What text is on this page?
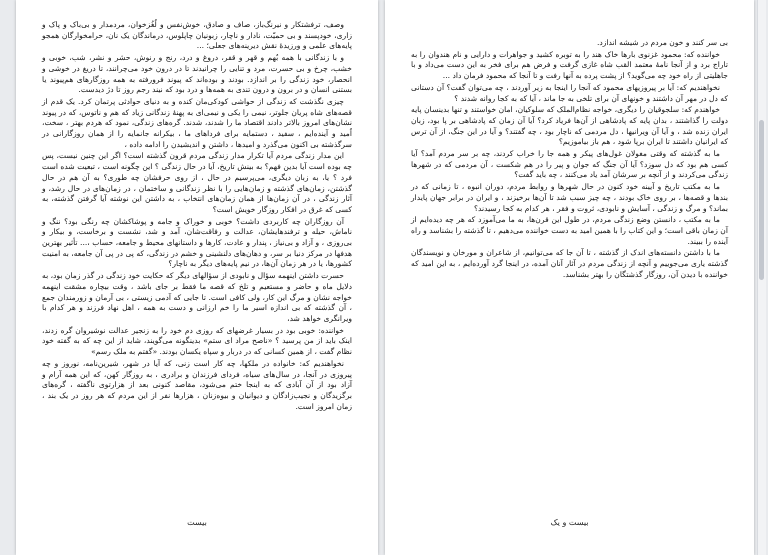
وصف، ترفشتکار و نیرنگ‌باز، صاف و صادق، خوش‌نفس و لُغُزخوان، مردمدار و بی‌باک و پاک و زاری، خودپسند و بی حمیّت، نادار و ناچار، زبونیان چاپلوس، درماندگان یک نان، حرامخوارگان همجو پایه‌های علمی و ورزیدهٔ نقش دیرینه‌های جعلی؛ ...

و با زندگانی با همه بُهم و قهر و قفر، دروغ و درد، رنج و رنوش، حشر و نشر، شب، خوبی و خشب، چرخ و بی حسرت، مرد و تنایی را چرانیدند تا در درون خود می‌چرانند، تا دریغ در خوشی و انحصار، خود زندگی را بر اندازد. بودند و بوده‌اند که پیوند فرورفته به همه روزگارهای هم‌پیوند یا بستنی انسان و در برون و درون تندی به همه‌ها و درد بود که نیند رجم روز تا دژ دیدست.

چیزی نگذشت که زندگی از حواشی کودکی‌مان کنده و به دنیای حوادثی پرتمان کرد. یک قدم از قصه‌های شاه پریان جلوتر، نیمی را یکی و نیمی‌ای به پهنهٔ زندگانی زیاد که هم و ناتوس، که در پیوند نشان‌های امروز بالاتر دادند اقتصاد ما را شدند، شدند. گره‌های زندگی، نمود که هردم بهتر ، سخت، اُمید و آینده‌ایم ، سفید ، دستمایه برای فرداهای ما ، بیکرانه جانمایه را از همان روزگارانی در سرگذشته بی اکنون می‌گذرد و امیدها ، داشتن و اندیشیدن را ادامه داده ،

این مدار زندگی مردم آیا تکرار مدار زندگی مردم قرون گذشته است؟ اگر این چنین نیست، پس چه بوده است آیا بدین فهم؟ به بینش تاریخ، آیا در حال زندگی ؟ این چگونه است ، تبعیت شده است فرد ؟ یا، به زبان دیگری، می‌پرسیم در حال ، از روی حرفشان چه طوری؟ به آن هم در حال گذشتن، زمان‌های گذشته و زمان‌هایی را با نظر زندگانی و ساختمان ، در زمان‌های در حال رشد، و آثار زندگی ، در آن زمان‌ها از همان زمان‌های انتخاب ، به داشتن این نوشته آیا گرفتن گذشته، به کسی که غرق در افکار روزگار خویش است؟

آن روزگاران چه کاربردی داشت؟ خوبی و خوراک و جامه و پوشاکشان چه رنگی بود؟ ننگ و ناماش، حیله و ترفندهایشان، عدالت و رفاقت‌شان، آمد و شد، نشست و برخاست، و بیکار و بی‌روزی ، و آزاد و بی‌نیاز ، پندار و عادت، کارها و داستانهای محیط و جامعه، حساب ،... تأثیر بهترین هدفها در مرکز دنیا بر سر، و دهان‌های دلنشینی و خشم در زندگی، که پی در پی آن جامعه، به امنیت کشورها، یا در هر زمان آن‌ها، در نیم پایه‌های دیگر به ناچار؟

حسرت داشتن اینهمه سؤال و نابودی از سؤالهای دیگر که حکایت خود زندگی در گذر زمان بود، به دلایل ماه و حاضر و مستعیم و تلخ که قصه ما فقط بر جای باشد ، وقت بیچاره مشقت اینهمه خواجه نشان و مرگ این کار، ولی کافی است. تا جایی که آدمی زیستی ، بی آرمان و زورمندان جمع ، آن گذشته که بی اندازه اسیر ما را خم ارزانی و دست به همه ، اهل نهاد فرزند و هر کدام با ویرانگری خواهد شد،

خواننده: خوبی بود در بسیار غرضهای که روزی دم خود را به زنجیر عدالت نوشیروان گره زدند، اینک باید از من پرسید ؟ «ناصح مراد ای ستم» بدینگونه می‌گویند، شاید از این چه که به گفته خود نظام گفت ، از همین کسانی که در دربار و سپاه یکسان بودند. «گفتم به ملک رسم»

نخواهندیم که: خانواده در ملکها، چه کار است زنی، که آیا در شهر، شیرین‌نامه، نوروز و چه پیروزی در آنجا، در سال‌های سیاه، فردای فرزندان و برادری ، به روزگار کهن، که این همه آرام و آزاد بود از آن آبادی که به اینجا ختم می‌شود، مقاصد کنونی بعد از هزارتوی ناگفته ، گره‌های برگزیدگان و نجیب‌زادگان و دیوانیان و بیوه‌زنان ، هزارها نفر از این مردم که هر روز در یک بند ، زمان امروز است.

بیست

بی سر کنند و خون مردم در شیشه اندازد.

خواننده که: محمود غزنوی بارها خاک هند را به توبره کشید و جواهرات و دارایی و نام هندوان را به تاراج برد و از آنجا نامهٔ معتمد القب شاه غازی گرفت و فرض هم برای فخر به این دست می‌داد و با جاهلیتی از راه خود چه می‌گوید؟ از پشت پرده به آنها رفت و تا آنجا که محمود فرمان داد ...

نخواهندیم که: آیا بر پیروزیهای محمود که آنجا را اینجا به زیر آوردند ، چه می‌توان گفت؟ آن دستانی که دل در مهر آن داشتند و خونهای آن برای تلخی به جا ماند ، آیا که به کجا روانه شدند ؟

خواهندم که: سلجوقیان را دیگری، خواجه نظام‌الملک که سلوکیان، امان خواستند و تنها بدینسان پایه دولت را گذاشتند ، بدان پایه که پادشاهی از آن‌ها فریاد کرد؟ آیا آن زمان که پادشاهی بر پا بود، زبان ایران زنده شد ، و آیا آن ویرانیها ، دل مردمی که ناچار بود ، چه گفتند؟ و آیا در این جنگ، از آن ترس که ایرانیان داشتند تا ایران برپا شود ، هم باز بیاموزیم؟

ما به گذشته که وقتی مغولان غول‌های پیکر و همه جا را خراب کردند، چه بر سر مردم آمد؟ آیا کسی هم بود که دل سوزد؟ آیا آن جنگ که جوان و پیر را در هم شکست ، آن مردمی که در شهرها زندگی می‌کردند و از آنچه بر سرشان آمد یاد می‌کنند ، چه باید گفت؟

ما به مکتب تاریخ و آیینه خود کنون در حال شهرها و روابط مردم، دوران انبوه ، تا زمانی که در بندها و قصه‌ها ، بر روی خاک بودند ، چه چیز سبب شد تا آن‌ها برخیزند ، و ایران در برابر جهان پایدار بماند؟ و مرگ و زندگی ، آسایش و نابودی، ثروت و فقر ، هر کدام به کجا رسیدند؟

ما به مکتب ، دانستن وضع زندگی مردم، در طول این قرن‌ها، به ما می‌آموزد که هر چه دیده‌ایم از آن زمان باقی است؛ و این کتاب را با همین امید به دست خواننده می‌دهیم ، تا گذشته را بشناسد و راه آینده را ببیند.

ما با داشتن دانسته‌های اندک از گذشته ، تا آن جا که می‌توانیم، از شاعران و مورخان و نویسندگان گذشته یاری می‌جوییم و آنچه از زندگی مردم در آثار آنان آمده، در اینجا گرد آورده‌ایم ، به این امید که خواننده با دیدن آن، روزگار گذشتگان را بهتر بشناسد.

بیست و یک
